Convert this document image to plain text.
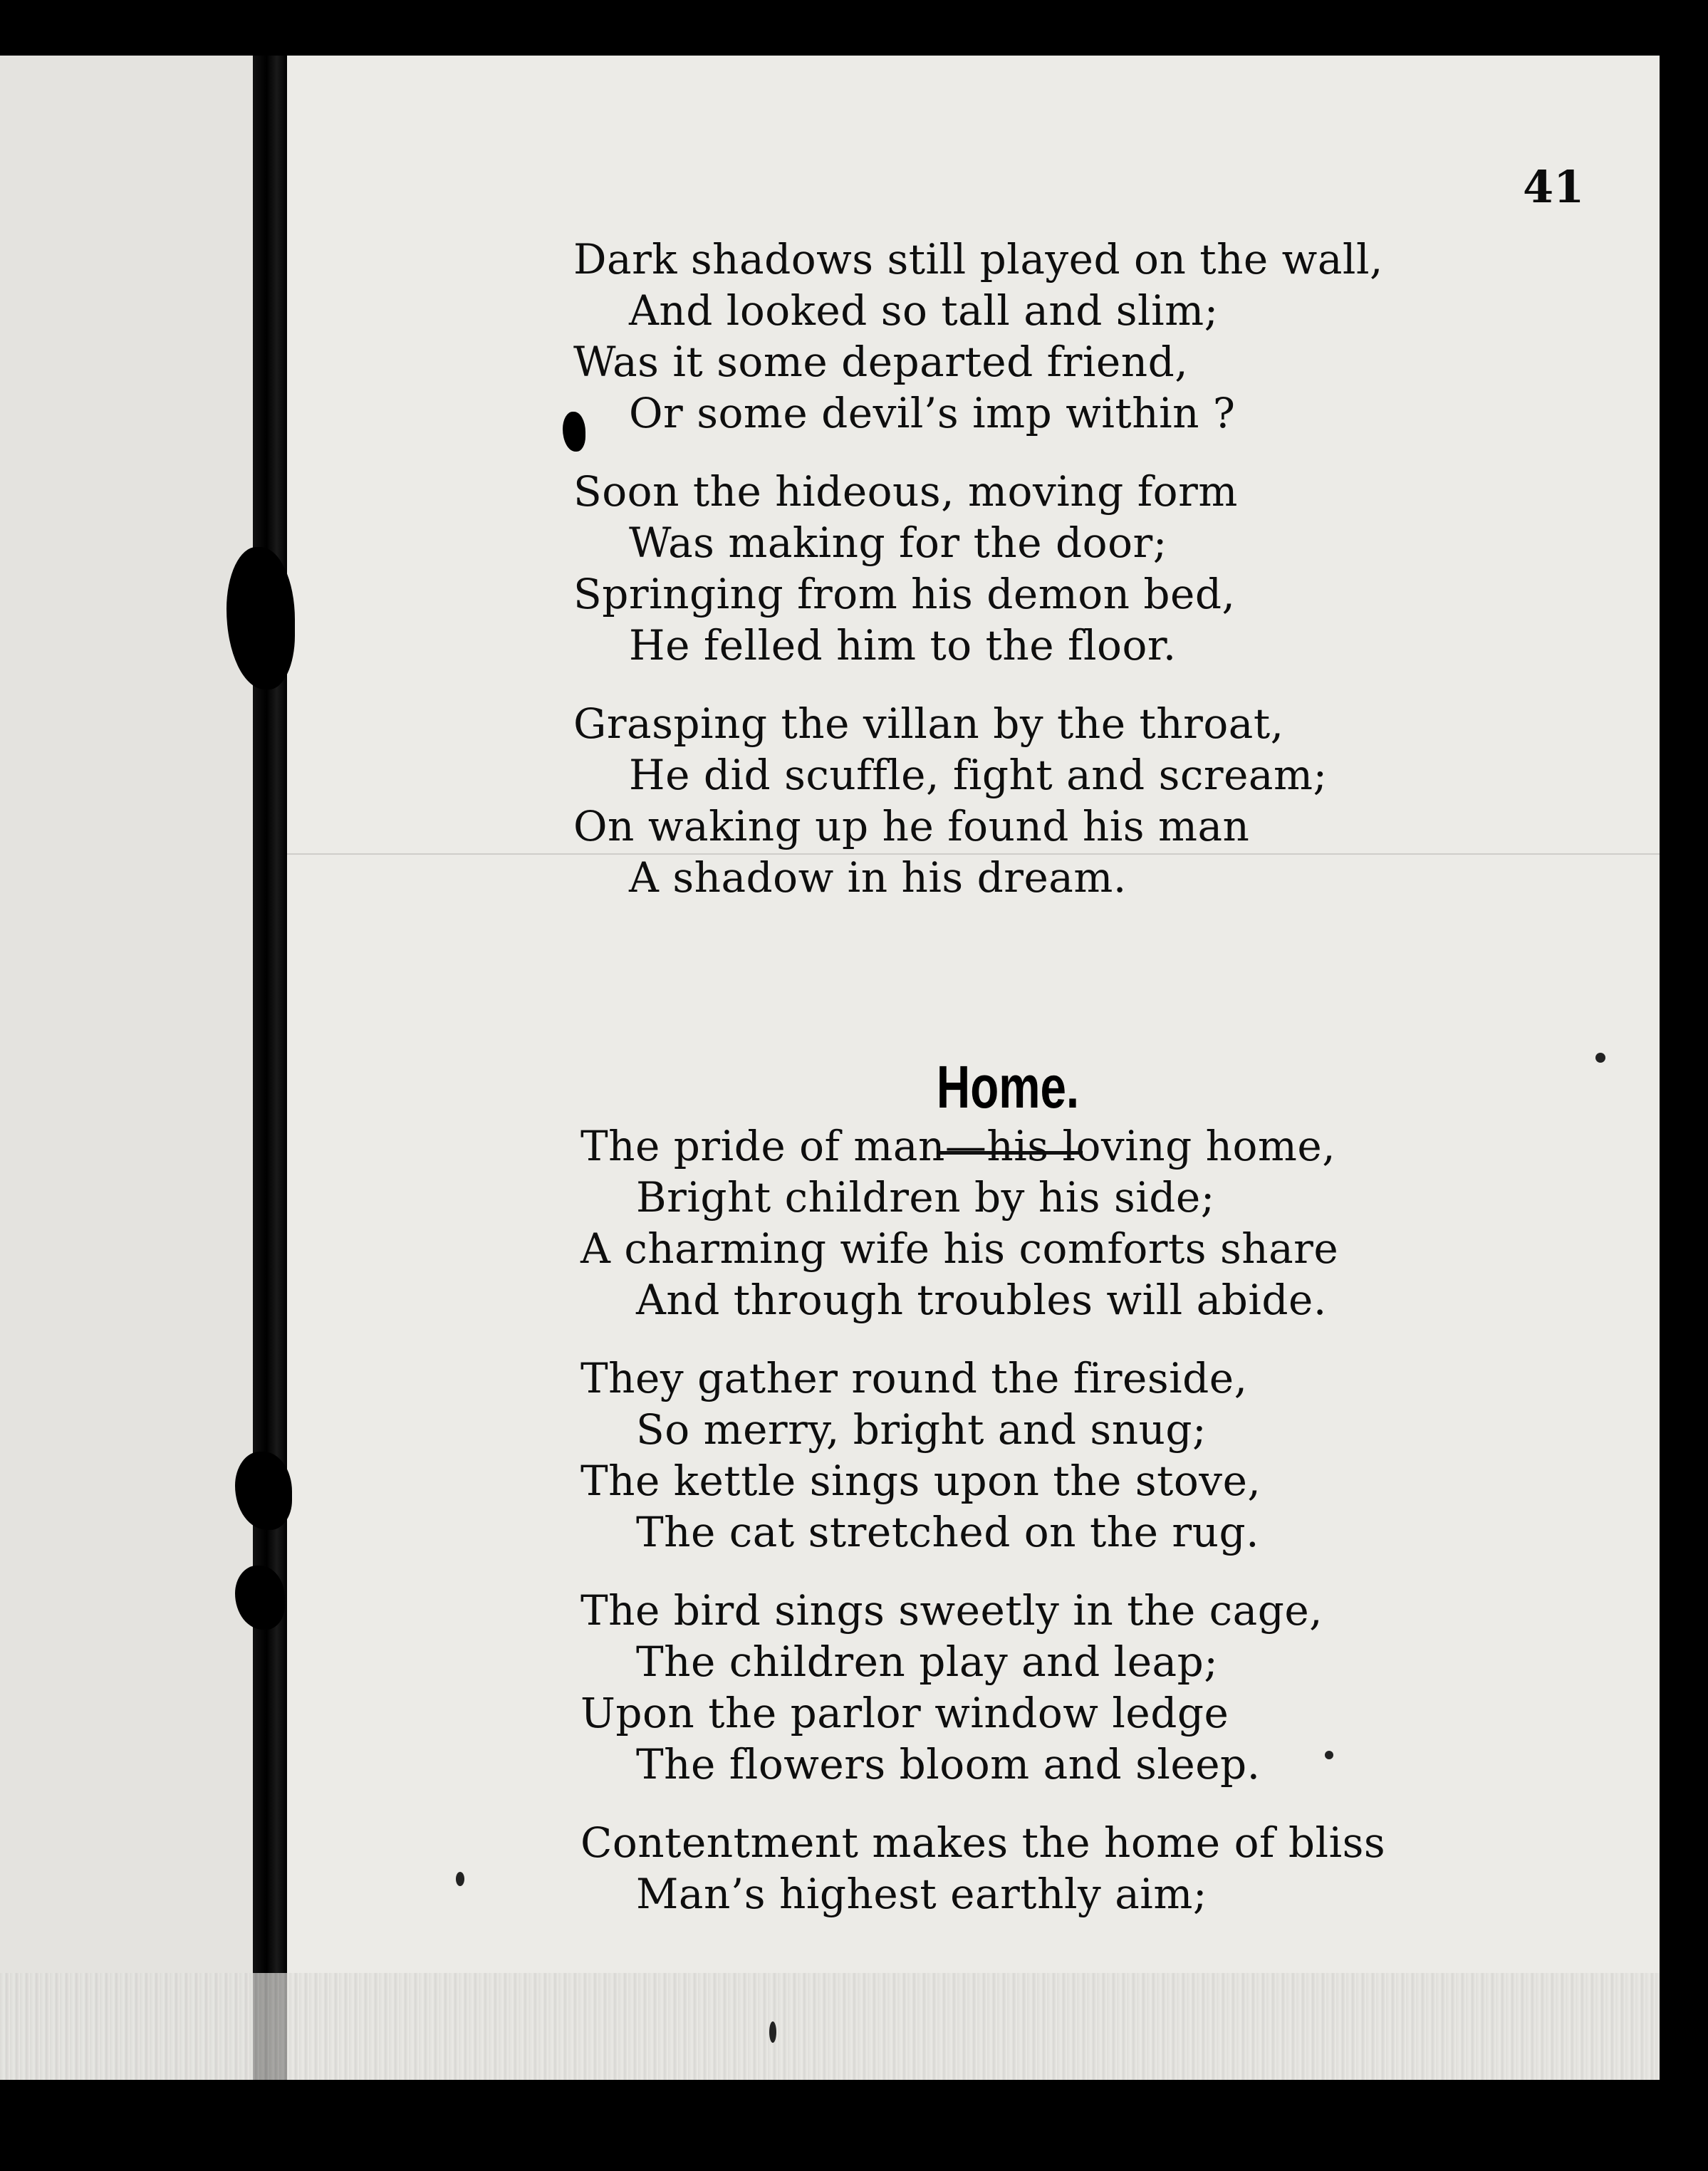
41

Dark shadows still played on the wall,
And looked so tall and slim;
Was it some departed friend,
Or some devil’s imp within ?
Soon the hideous, moving form
Was making for the door;
Springing from his demon bed,
He felled him to the floor.
Grasping the villan by the throat,
He did scuffle, fight and scream;
On waking up he found his man
A shadow in his dream.
Home.
The pride of man—his loving home,
Bright children by his side;
A charming wife his comforts share
And through troubles will abide.
They gather round the fireside,
So merry, bright and snug;
The kettle sings upon the stove,
The cat stretched on the rug.
The bird sings sweetly in the cage,
The children play and leap;
Upon the parlor window ledge
The flowers bloom and sleep.
Contentment makes the home of bliss
Man’s highest earthly aim;
